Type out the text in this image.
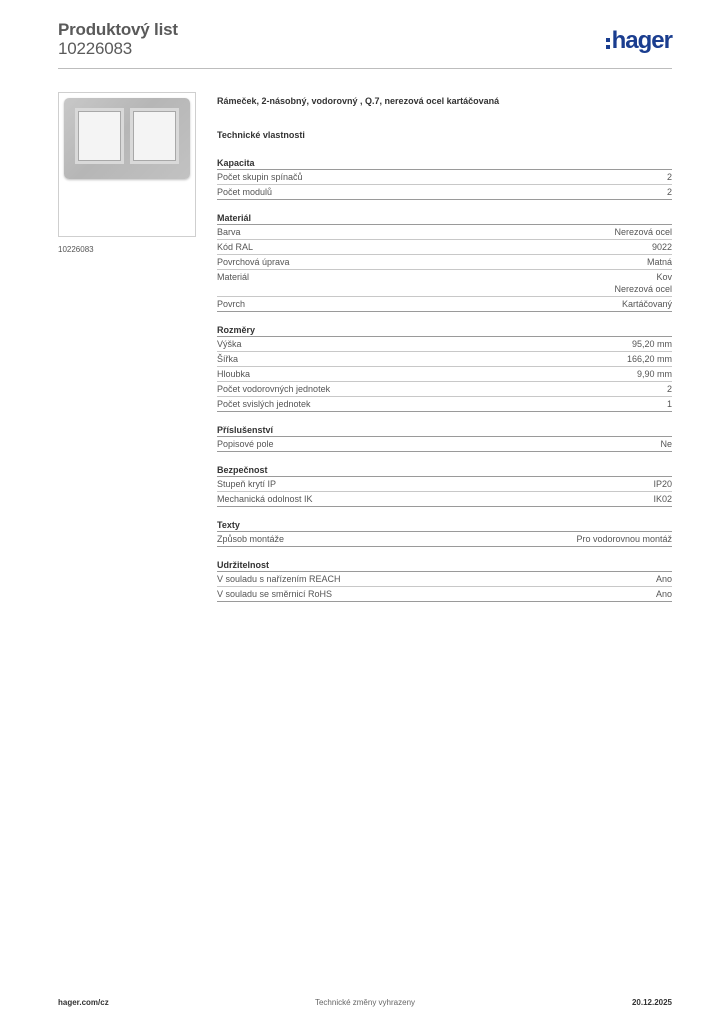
Produktový list
10226083	hager
10226083
Rámeček, 2-násobný, vodorovný , Q.7, nerezová ocel kartáčovaná
Technické vlastnosti
Kapacita
Počet skupin spínačů	2
Počet modulů	2
Materiál
Barva	Nerezová ocel
Kód RAL	9022
Povrchová úprava	Matná
Materiál	Kov
Nerezová ocel
Povrch	Kartáčovaný
Rozměry
Výška	95,20 mm
Šířka	166,20 mm
Hloubka	9,90 mm
Počet vodorovných jednotek	2
Počet svislých jednotek	1
Příslušenství
Popisové pole	Ne
Bezpečnost
Stupeň krytí IP	IP20
Mechanická odolnost IK	IK02
Texty
Způsob montáže	Pro vodorovnou montáž
Udržitelnost
V souladu s nařízením REACH	Ano
V souladu se směrnicí RoHS	Ano
hager.com/cz	Technické změny vyhrazeny	20.12.2025
